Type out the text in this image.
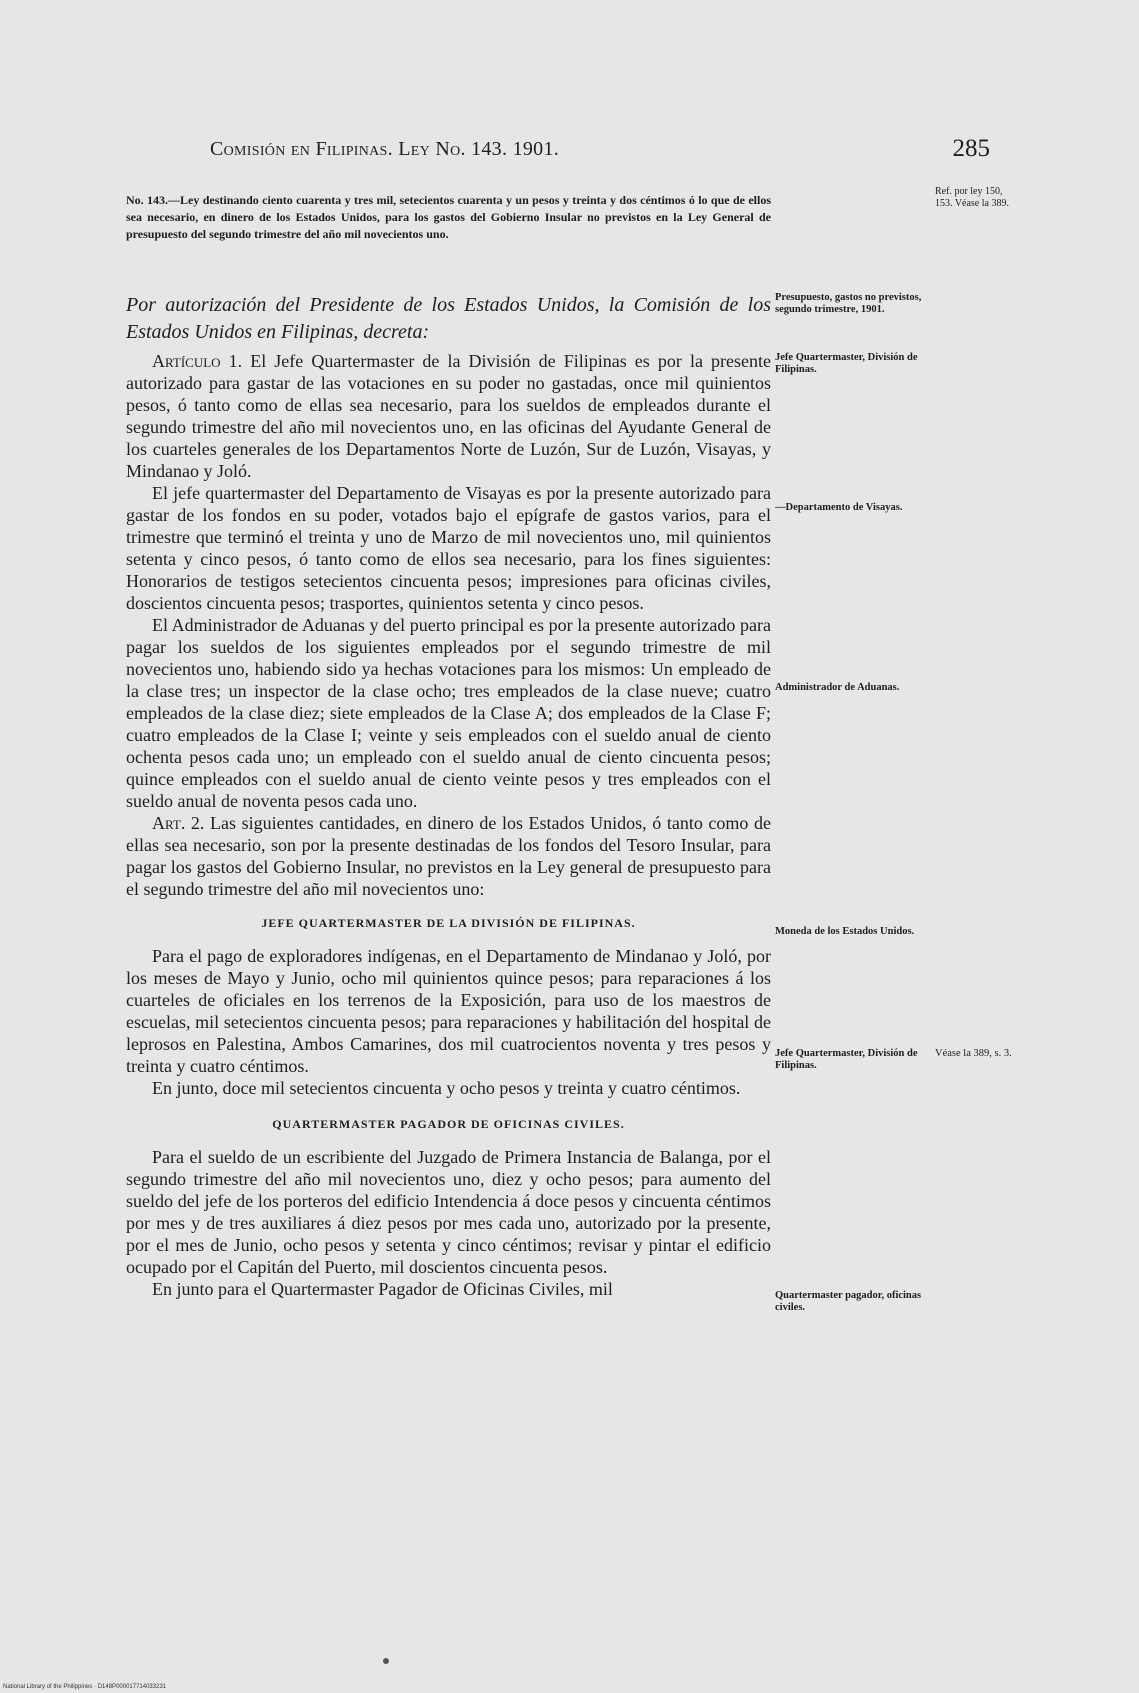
Comisión en Filipinas. Ley No. 143. 1901.	285
No. 143.—Ley destinando ciento cuarenta y tres mil, setecientos cuarenta y un pesos y treinta y dos céntimos ó lo que de ellos sea necesario, en dinero de los Estados Unidos, para los gastos del Gobierno Insular no previstos en la Ley General de presupuesto del segundo trimestre del año mil novecientos uno.
Ref. por ley 150, 153. Véase la 389.
Por autorización del Presidente de los Estados Unidos, la Comisión de los Estados Unidos en Filipinas, decreta:
Presupuesto, gastos no previstos, segundo trimestre, 1901.

Artículo 1. El Jefe Quartermaster de la División de Filipinas es por la presente autorizado para gastar de las votaciones en su poder no gastadas, once mil quinientos pesos, ó tanto como de ellas sea necesario, para los sueldos de empleados durante el segundo trimestre del año mil novecientos uno, en las oficinas del Ayudante General de los cuarteles generales de los Departamentos Norte de Luzón, Sur de Luzón, Visayas, y Mindanao y Joló.

El jefe quartermaster del Departamento de Visayas es por la presente autorizado para gastar de los fondos en su poder, votados bajo el epígrafe de gastos varios, para el trimestre que terminó el treinta y uno de Marzo de mil novecientos uno, mil quinientos setenta y cinco pesos, ó tanto como de ellos sea necesario, para los fines siguientes: Honorarios de testigos setecientos cincuenta pesos; impresiones para oficinas civiles, doscientos cincuenta pesos; trasportes, quinientos setenta y cinco pesos.

El Administrador de Aduanas y del puerto principal es por la presente autorizado para pagar los sueldos de los siguientes empleados por el segundo trimestre de mil novecientos uno, habiendo sido ya hechas votaciones para los mismos: Un empleado de la clase tres; un inspector de la clase ocho; tres empleados de la clase nueve; cuatro empleados de la clase diez; siete empleados de la Clase A; dos empleados de la Clase F; cuatro empleados de la Clase I; veinte y seis empleados con el sueldo anual de ciento ochenta pesos cada uno; un empleado con el sueldo anual de ciento cincuenta pesos; quince empleados con el sueldo anual de ciento veinte pesos y tres empleados con el sueldo anual de noventa pesos cada uno.

Art. 2. Las siguientes cantidades, en dinero de los Estados Unidos, ó tanto como de ellas sea necesario, son por la presente destinadas de los fondos del Tesoro Insular, para pagar los gastos del Gobierno Insular, no previstos en la Ley general de presupuesto para el segundo trimestre del año mil novecientos uno:

JEFE QUARTERMASTER DE LA DIVISIÓN DE FILIPINAS.

Para el pago de exploradores indígenas, en el Departamento de Mindanao y Joló, por los meses de Mayo y Junio, ocho mil quinientos quince pesos; para reparaciones á los cuarteles de oficiales en los terrenos de la Exposición, para uso de los maestros de escuelas, mil setecientos cincuenta pesos; para reparaciones y habilitación del hospital de leprosos en Palestina, Ambos Camarines, dos mil cuatrocientos noventa y tres pesos y treinta y cuatro céntimos.

En junto, doce mil setecientos cincuenta y ocho pesos y treinta y cuatro céntimos.

QUARTERMASTER PAGADOR DE OFICINAS CIVILES.

Para el sueldo de un escribiente del Juzgado de Primera Instancia de Balanga, por el segundo trimestre del año mil novecientos uno, diez y ocho pesos; para aumento del sueldo del jefe de los porteros del edificio Intendencia á doce pesos y cincuenta céntimos por mes y de tres auxiliares á diez pesos por mes cada uno, autorizado por la presente, por el mes de Junio, ocho pesos y setenta y cinco céntimos; revisar y pintar el edificio ocupado por el Capitán del Puerto, mil doscientos cincuenta pesos.

En junto para el Quartermaster Pagador de Oficinas Civiles, mil

Jefe Quartermaster, División de Filipinas.
—Departamento de Visayas.
Administrador de Aduanas.
Moneda de los Estados Unidos.
Jefe Quartermaster, División de Filipinas.
Véase la 389, s. 3.
Quartermaster pagador, oficinas civiles.
National Library of the Philippines · D148P000017714033231
